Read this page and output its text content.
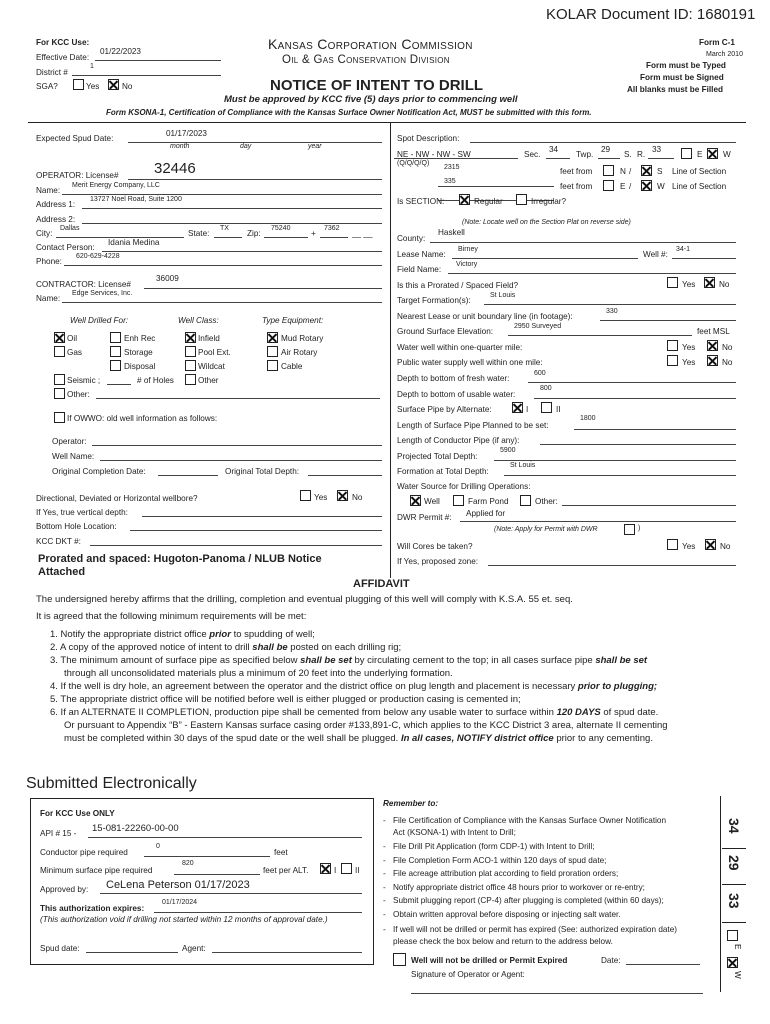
KOLAR Document ID: 1680191
For KCC Use:
Effective Date:
01/22/2023
District #
1
SGA?	Yes	No
Kansas Corporation Commission
Oil & Gas Conservation Division
NOTICE OF INTENT TO DRILL
Must be approved by KCC five (5) days prior to commencing well
Form KSONA-1, Certification of Compliance with the Kansas Surface Owner Notification Act, MUST be submitted with this form.
Form C-1
March 2010
Form must be Typed
Form must be Signed
All blanks must be Filled
Expected Spud Date:
01/17/2023
month	day	year
OPERATOR: License# 32446
Name:
Merit Energy Company, LLC
Address 1:
13727 Noel Road, Suite 1200
Address 2:
City:
Dallas
State:
TX
Zip:
75240
+
7362
__ __
Contact Person:
Idania Medina
Phone:
620-629-4228
CONTRACTOR: License#
36009
Name:
Edge Services, Inc.
Well Drilled For:	Well Class:	Type Equipment:
Oil
Gas
Enh Rec
Storage
Disposal
Seismic ;	# of Holes
Other:
Infield
Pool Ext.
Wildcat
Other
Mud Rotary
Air Rotary
Cable
If OWWO: old well information as follows:
Operator:
Well Name:
Original Completion Date:	Original Total Depth:
Directional, Deviated or Horizontal wellbore?	Yes	No
If Yes, true vertical depth:
Bottom Hole Location:
KCC DKT #:
Prorated and spaced: Hugoton-Panoma / NLUB Notice Attached
Spot Description:
NE - NW - NW - SW	Sec.
34
Twp.
29
S. R.
33
E	W
(Q/Q/Q/Q)
2315	feet from	N /	S Line of Section
335
feet from	E /	W Line of Section
Is SECTION:	Regular	Irregular?
(Note: Locate well on the Section Plat on reverse side)
County:
Haskell
Lease Name:
Birney
Well #:
34-1
Field Name:
Victory
Is this a Prorated / Spaced Field?	Yes	No
Target Formation(s):
St Louis
Nearest Lease or unit boundary line (in footage):
330
Ground Surface Elevation:
2950 Surveyed
feet MSL
Water well within one-quarter mile:	Yes	No
Public water supply well within one mile:	Yes	No
Depth to bottom of fresh water:
600
Depth to bottom of usable water:
800
Surface Pipe by Alternate:	I	II
Length of Surface Pipe Planned to be set:
1800
Length of Conductor Pipe (if any):
Projected Total Depth:
5900
Formation at Total Depth:
St Louis
Water Source for Drilling Operations:
Well	Farm Pond	Other:
DWR Permit #: Applied for
(Note: Apply for Permit with DWR	)
Will Cores be taken?	Yes	No
If Yes, proposed zone:
AFFIDAVIT
The undersigned hereby affirms that the drilling, completion and eventual plugging of this well will comply with K.S.A. 55 et. seq.
It is agreed that the following minimum requirements will be met:
1. Notify the appropriate district office prior to spudding of well;
2. A copy of the approved notice of intent to drill shall be posted on each drilling rig;
3. The minimum amount of surface pipe as specified below shall be set by circulating cement to the top; in all cases surface pipe shall be set
through all unconsolidated materials plus a minimum of 20 feet into the underlying formation.
4. If the well is dry hole, an agreement between the operator and the district office on plug length and placement is necessary prior to plugging;
5. The appropriate district office will be notified before well is either plugged or production casing is cemented in;
6. If an ALTERNATE II COMPLETION, production pipe shall be cemented from below any usable water to surface within 120 DAYS of spud date.
Or pursuant to Appendix “B” - Eastern Kansas surface casing order #133,891-C, which applies to the KCC District 3 area, alternate II cementing
must be completed within 30 days of the spud date or the well shall be plugged. In all cases, NOTIFY district office prior to any cementing.
Submitted Electronically
For KCC Use ONLY
API # 15 - 15-081-22260-00-00
Conductor pipe required
0
feet
Minimum surface pipe required
820
feet per ALT.	I II
Approved by: CeLena Peterson 01/17/2023
This authorization expires:
01/17/2024
(This authorization void if drilling not started within 12 months of approval date.)
Spud date:	Agent:
Remember to:
- File Certification of Compliance with the Kansas Surface Owner Notification
Act (KSONA-1) with Intent to Drill;
- File Drill Pit Application (form CDP-1) with Intent to Drill;
- File Completion Form ACO-1 within 120 days of spud date;
- File acreage attribution plat according to field proration orders;
- Notify appropriate district office 48 hours prior to workover or re-entry;
- Submit plugging report (CP-4) after plugging is completed (within 60 days);
- Obtain written approval before disposing or injecting salt water.
- If well will not be drilled or permit has expired (See: authorized expiration date)
please check the box below and return to the address below.
Well will not be drilled or Permit Expired	Date:
Signature of Operator or Agent:
34
29
33
E
W
